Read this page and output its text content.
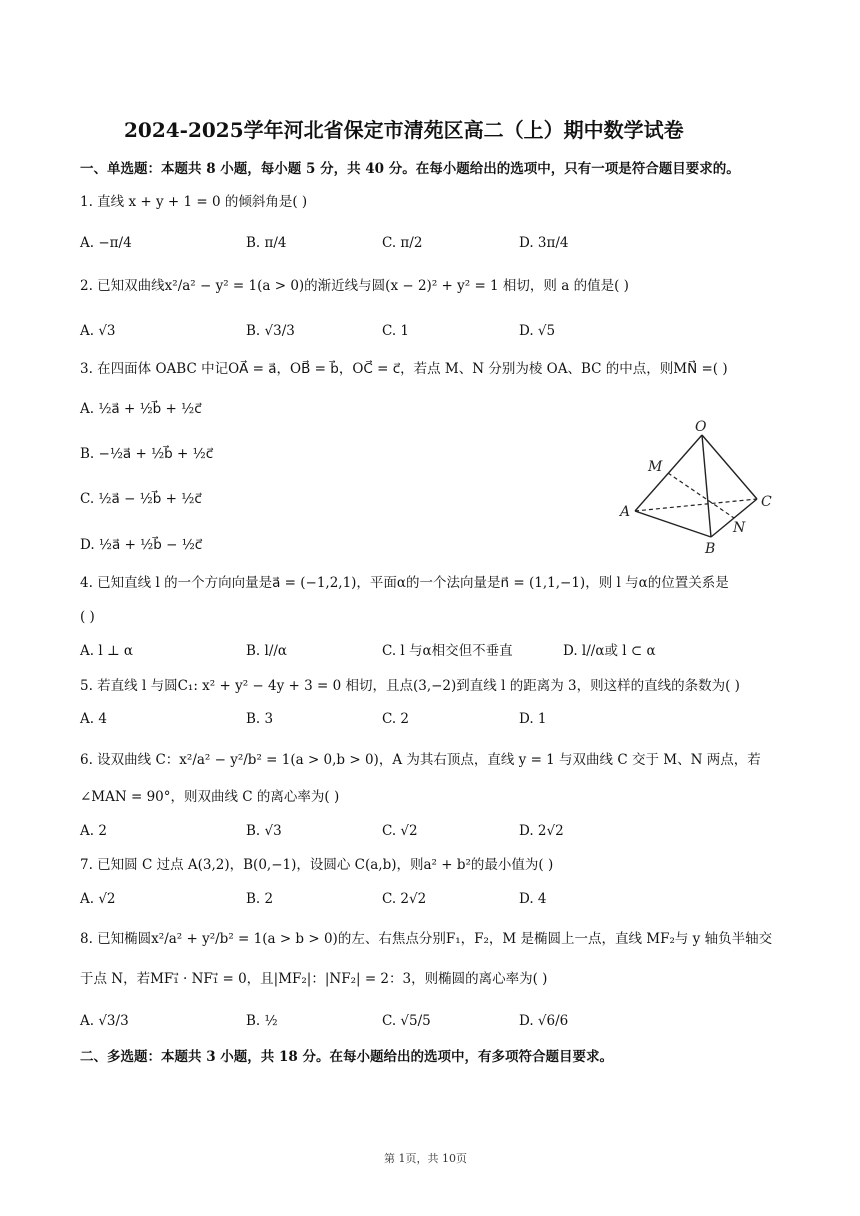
2024-2025学年河北省保定市清苑区高二（上）期中数学试卷
一、单选题：本题共 8 小题，每小题 5 分，共 40 分。在每小题给出的选项中，只有一项是符合题目要求的。
1. 直线 x + y + 1 = 0 的倾斜角是( )
A. −π/4	B. π/4	C. π/2	D. 3π/4
2. 已知双曲线x²/a² − y² = 1(a > 0)的渐近线与圆(x − 2)² + y² = 1 相切，则 a 的值是( )
A. √3	B. √3/3	C. 1	D. √5
3. 在四面体 OABC 中记OA⃗ = a⃗，OB⃗ = b⃗，OC⃗ = c⃗，若点 M、N 分别为棱 OA、BC 的中点，则MN⃗ =( )
A. ½a⃗ + ½b⃗ + ½c⃗
B. −½a⃗ + ½b⃗ + ½c⃗
C. ½a⃗ − ½b⃗ + ½c⃗
D. ½a⃗ + ½b⃗ − ½c⃗
O
M
A
C
N
B
4. 已知直线 l 的一个方向向量是a⃗ = (−1,2,1)，平面α的一个法向量是n⃗ = (1,1,−1)，则 l 与α的位置关系是
( )
A. l ⊥ α	B. l//α	C. l 与α相交但不垂直	D. l//α或 l ⊂ α
5. 若直线 l 与圆C₁: x² + y² − 4y + 3 = 0 相切，且点(3,−2)到直线 l 的距离为 3，则这样的直线的条数为( )
A. 4	B. 3	C. 2	D. 1
6. 设双曲线 C：x²/a² − y²/b² = 1(a > 0,b > 0)，A 为其右顶点，直线 y = 1 与双曲线 C 交于 M、N 两点，若
∠MAN = 90°，则双曲线 C 的离心率为( )
A. 2	B. √3	C. √2	D. 2√2
7. 已知圆 C 过点 A(3,2)，B(0,−1)，设圆心 C(a,b)，则a² + b²的最小值为( )
A. √2	B. 2	C. 2√2	D. 4
8. 已知椭圆x²/a² + y²/b² = 1(a > b > 0)的左、右焦点分别F₁，F₂，M 是椭圆上一点，直线 MF₂与 y 轴负半轴交
于点 N，若MF₁⃗ · NF₁⃗ = 0，且|MF₂|：|NF₂| = 2：3，则椭圆的离心率为( )
A. √3/3	B. ½	C. √5/5	D. √6/6
二、多选题：本题共 3 小题，共 18 分。在每小题给出的选项中，有多项符合题目要求。
第 1页，共 10页
